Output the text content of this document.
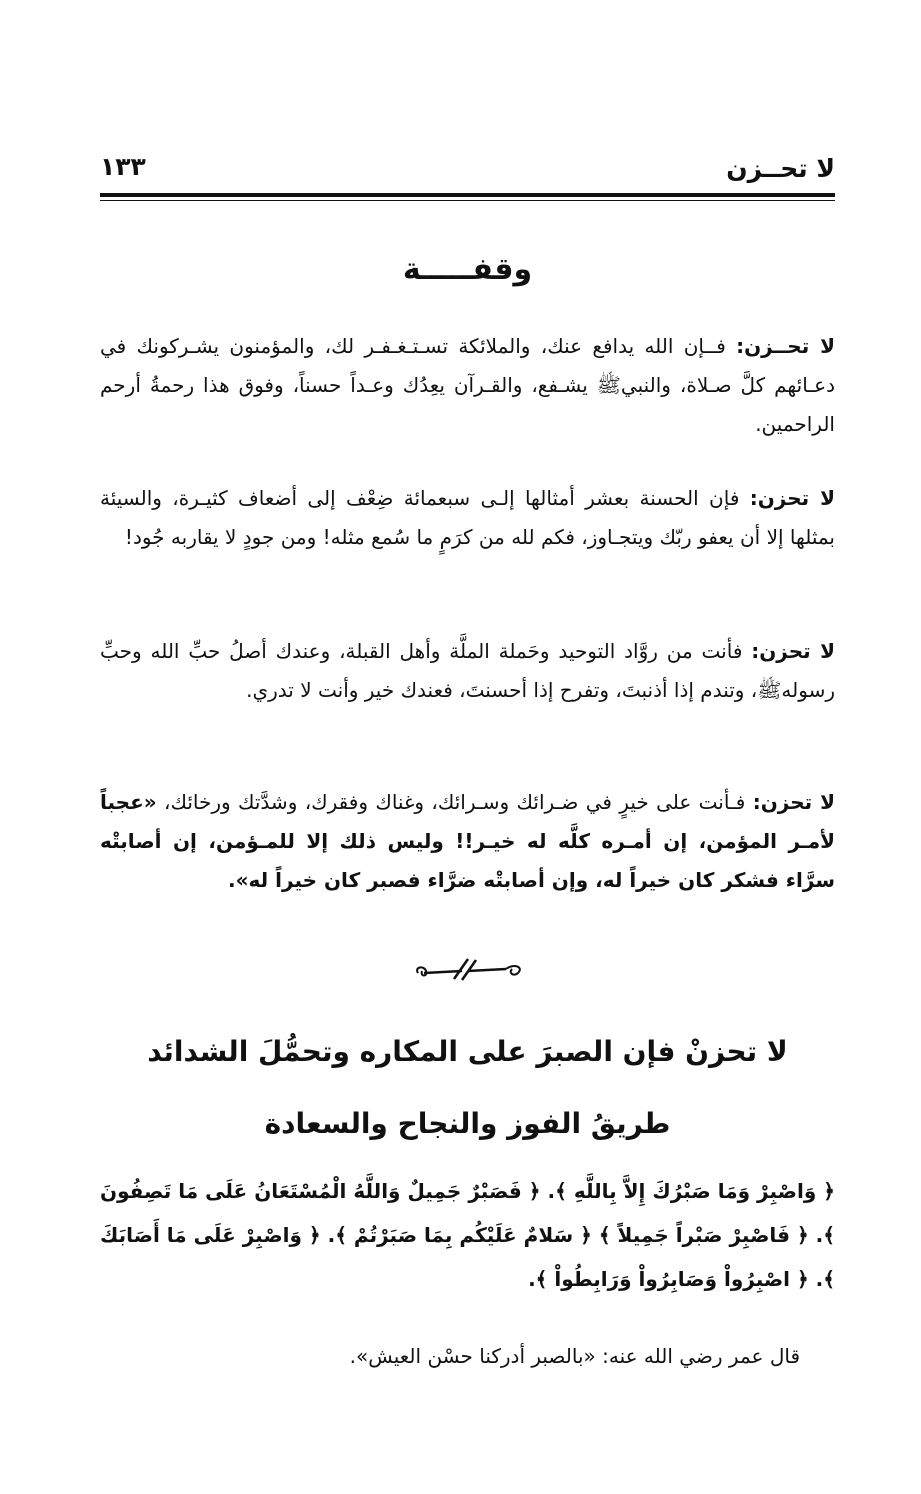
لا تحــزن
١٣٣
وقفـــــة
لا تحــزن: فــإن الله يدافع عنك، والملائكة تسـتـغـفـر لك، والمؤمنون يشـركونك في دعـائهم كلَّ صـلاة، والنبيﷺ يشـفع، والقـرآن يعِدُك وعـداً حسناً، وفوق هذا رحمةُ أرحم الراحمين.
لا تحزن: فإن الحسنة بعشر أمثالها إلـى سبعمائة ضِعْف إلى أضعاف كثيـرة، والسيئة بمثلها إلا أن يعفو ربّك ويتجـاوز، فكم لله من كرَمٍ ما سُمع مثله! ومن جودٍ لا يقاربه جُود!
لا تحزن: فأنت من روَّاد التوحيد وحَملة الملَّة وأهل القبلة، وعندك أصلُ حبِّ الله وحبِّ رسولهﷺ، وتندم إذا أذنبتَ، وتفرح إذا أحسنتَ، فعندك خير وأنت لا تدري.
لا تحزن: فـأنت على خيرٍ في ضـرائك وسـرائك، وغناك وفقرك، وشدَّتك ورخائك، «عجباً لأمـر المؤمن، إن أمـره كلَّه له خيـر!! وليس ذلك إلا للمـؤمن، إن أصابتْه سرَّاء فشكر كان خيراً له، وإن أصابتْه ضرَّاء فصبر كان خيراً له».
لا تحزنْ فإن الصبرَ على المكاره وتحمُّلَ الشدائد
طريقُ الفوز والنجاح والسعادة
﴿ وَاصْبِرْ وَمَا صَبْرُكَ إِلاَّ بِاللَّهِ ﴾. ﴿ فَصَبْرٌ جَمِيلٌ وَاللَّهُ الْمُسْتَعَانُ عَلَى مَا تَصِفُونَ ﴾. ﴿ فَاصْبِرْ صَبْراً جَمِيلاً ﴾ ﴿ سَلامٌ عَلَيْكُم بِمَا صَبَرْتُمْ ﴾. ﴿ وَاصْبِرْ عَلَى مَا أَصَابَكَ ﴾. ﴿ اصْبِرُواْ وَصَابِرُواْ وَرَابِطُواْ ﴾.
قال عمر رضي الله عنه: «بالصبر أدركنا حسْن العيش».
